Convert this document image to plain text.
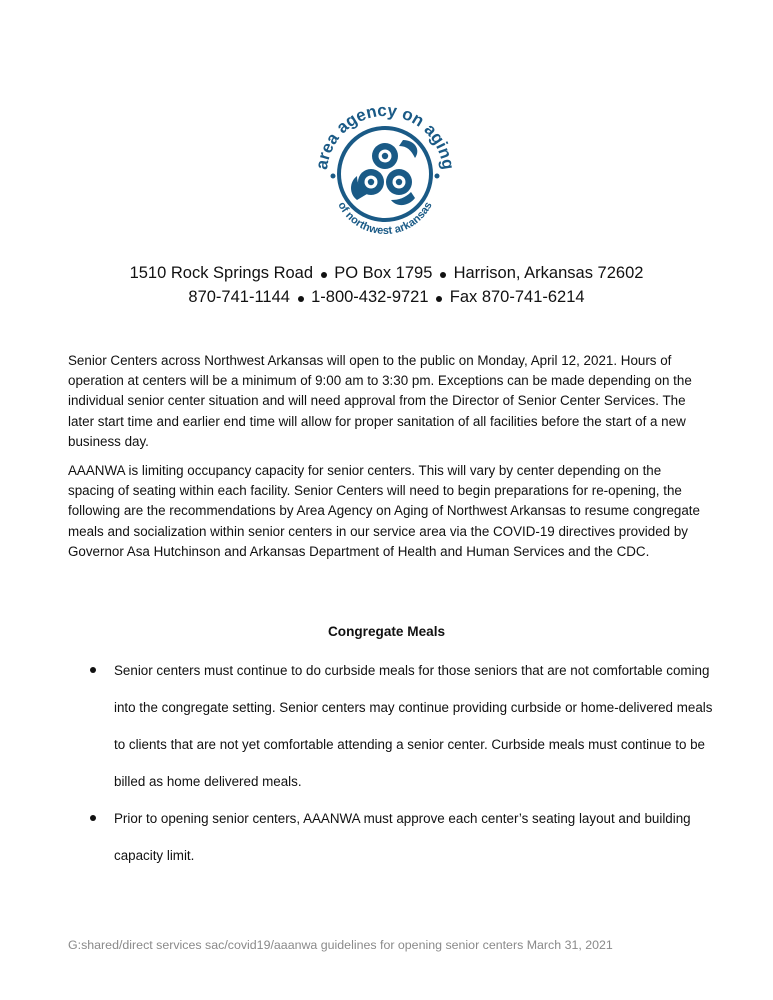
area agency on aging
of northwest arkansas
1510 Rock Springs Road PO Box 1795 Harrison, Arkansas 72602
870-741-1144 1-800-432-9721 Fax 870-741-6214

Senior Centers across Northwest Arkansas will open to the public on Monday, April 12, 2021. Hours of operation at centers will be a minimum of 9:00 am to 3:30 pm. Exceptions can be made depending on the individual senior center situation and will need approval from the Director of Senior Center Services. The later start time and earlier end time will allow for proper sanitation of all facilities before the start of a new business day.

AAANWA is limiting occupancy capacity for senior centers. This will vary by center depending on the spacing of seating within each facility. Senior Centers will need to begin preparations for re-opening, the following are the recommendations by Area Agency on Aging of Northwest Arkansas to resume congregate meals and socialization within senior centers in our service area via the COVID-19 directives provided by Governor Asa Hutchinson and Arkansas Department of Health and Human Services and the CDC.

Congregate Meals
Senior centers must continue to do curbside meals for those seniors that are not comfortable coming into the congregate setting. Senior centers may continue providing curbside or home-delivered meals to clients that are not yet comfortable attending a senior center. Curbside meals must continue to be billed as home delivered meals.
Prior to opening senior centers, AAANWA must approve each center’s seating layout and building capacity limit.
G:shared/direct services sac/covid19/aaanwa guidelines for opening senior centers March 31, 2021
